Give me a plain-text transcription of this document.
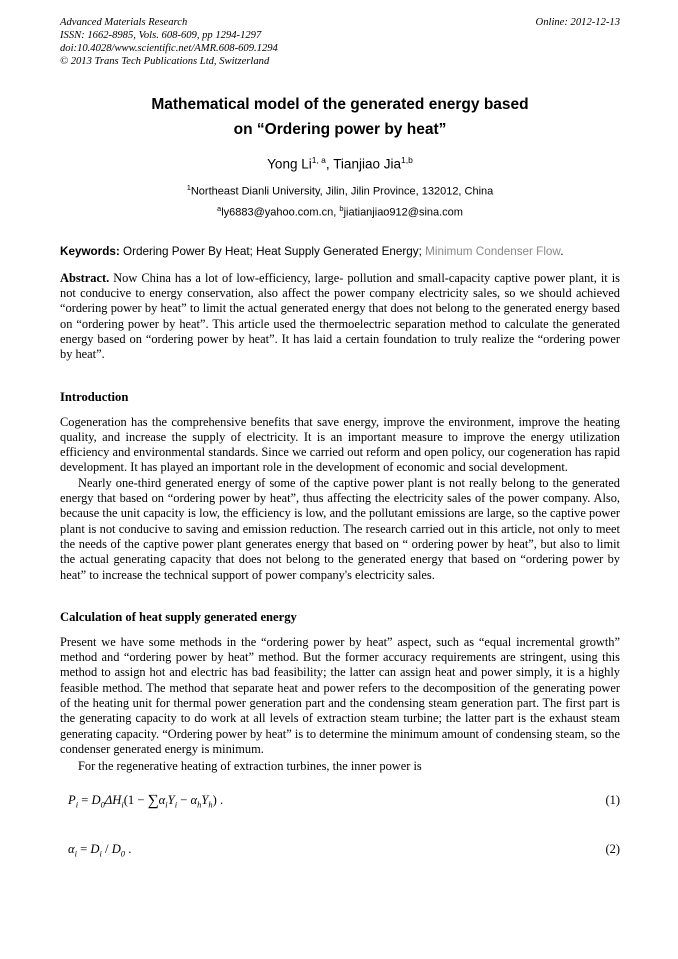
Advanced Materials Research
ISSN: 1662-8985, Vols. 608-609, pp 1294-1297
doi:10.4028/www.scientific.net/AMR.608-609.1294
© 2013 Trans Tech Publications Ltd, Switzerland
Online: 2012-12-13
Mathematical model of the generated energy based
on “Ordering power by heat”
Yong Li$^{1, a}$, Tianjiao Jia$^{1,b}$
$^1$Northeast Dianli University, Jilin, Jilin Province, 132012, China
$^a$ly6883@yahoo.com.cn, $^b$jiatianjiao912@sina.com
Keywords: Ordering Power By Heat; Heat Supply Generated Energy; Minimum Condenser Flow.

Abstract. Now China has a lot of low-efficiency, large- pollution and small-capacity captive power plant, it is not conducive to energy conservation, also affect the power company electricity sales, so we should achieved “ordering power by heat” to limit the actual generated energy that does not belong to the generated energy based on “ordering power by heat”. This article used the thermoelectric separation method to calculate the generated energy based on “ordering power by heat”. It has laid a certain foundation to truly realize the “ordering power by heat”.

Introduction

Cogeneration has the comprehensive benefits that save energy, improve the environment, improve the heating quality, and increase the supply of electricity. It is an important measure to improve the energy utilization efficiency and environmental standards. Since we carried out reform and open policy, our cogeneration has rapid development. It has played an important role in the development of economic and social development.

Nearly one-third generated energy of some of the captive power plant is not really belong to the generated energy that based on “ordering power by heat”, thus affecting the electricity sales of the power company. Also, because the unit capacity is low, the efficiency is low, and the pollutant emissions are large, so the captive power plant is not conducive to saving and emission reduction. The research carried out in this article, not only to meet the needs of the captive power plant generates energy that based on “ ordering power by heat”, but also to limit the actual generating capacity that does not belong to the generated energy that based on “ordering power by heat” to increase the technical support of power company's electricity sales.

Calculation of heat supply generated energy

Present we have some methods in the “ordering power by heat” aspect, such as “equal incremental growth” method and “ordering power by heat” method. But the former accuracy requirements are stringent, using this method to assign hot and electric has bad feasibility; the latter can assign heat and power simply, it is a highly feasible method. The method that separate heat and power refers to the decomposition of the generating power of the heating unit for thermal power generation part and the condensing steam generation part. The first part is the generating capacity to do work at all levels of extraction steam turbine; the latter part is the exhaust steam generating capacity. “Ordering power by heat” is to determine the minimum amount of condensing steam, so the condenser generated energy is minimum.

For the regenerative heating of extraction turbines, the inner power is

$P_i = D_0\Delta H_i(1 - \sum\alpha_iY_i - \alpha_hY_h)$ .	(1)
$\alpha_i = D_i / D_0$ .	(2)
